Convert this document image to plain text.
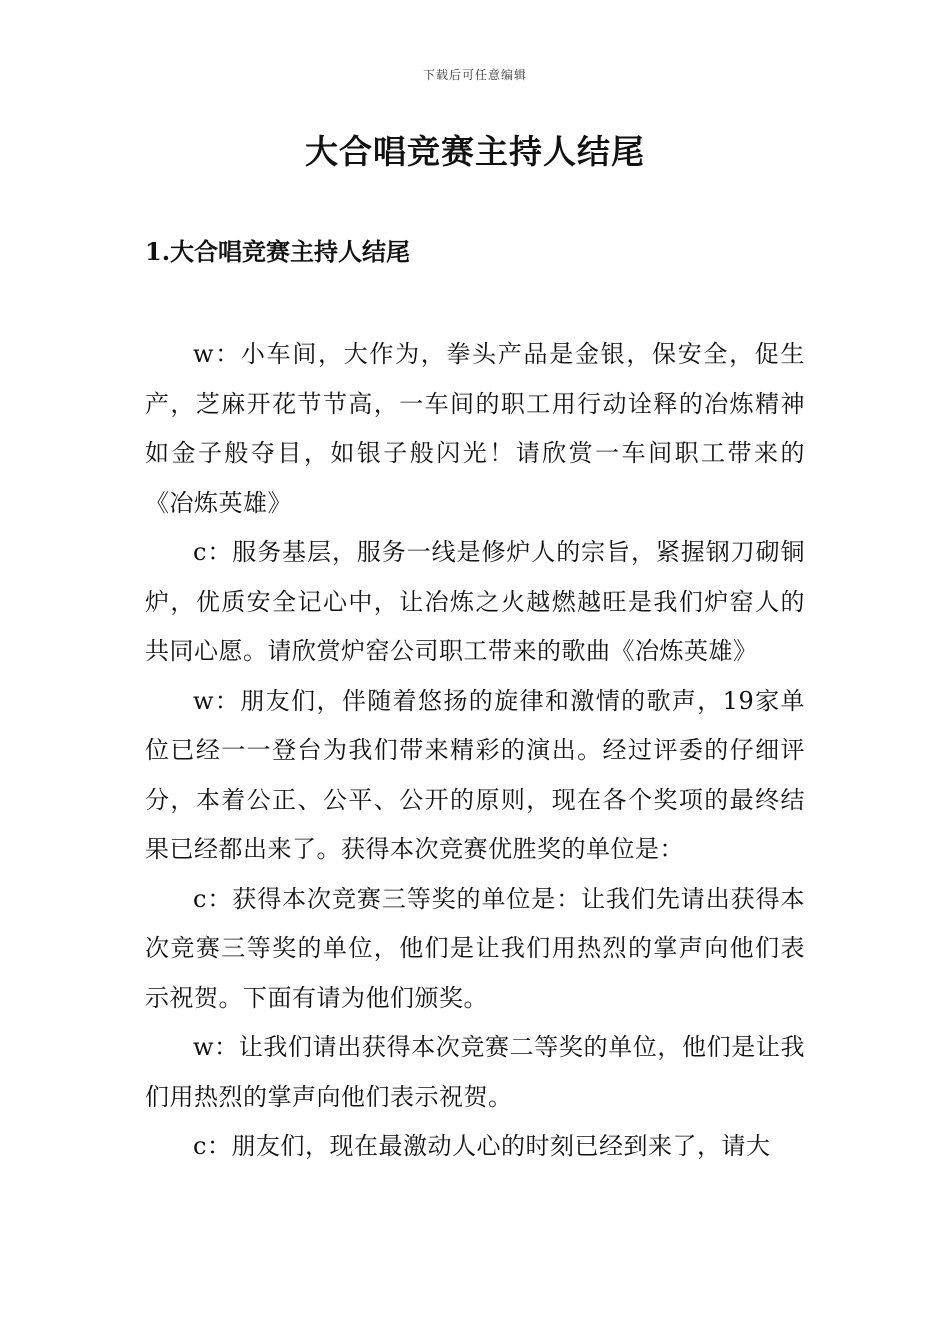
下载后可任意编辑
大合唱竞赛主持人结尾
1.大合唱竞赛主持人结尾

w：小车间，大作为，拳头产品是金银，保安全，促生产，芝麻开花节节高，一车间的职工用行动诠释的冶炼精神如金子般夺目，如银子般闪光！请欣赏一车间职工带来的《冶炼英雄》

c：服务基层，服务一线是修炉人的宗旨，紧握钢刀砌铜炉，优质安全记心中，让冶炼之火越燃越旺是我们炉窑人的共同心愿。请欣赏炉窑公司职工带来的歌曲《冶炼英雄》

w：朋友们，伴随着悠扬的旋律和激情的歌声，19家单位已经一一登台为我们带来精彩的演出。经过评委的仔细评分，本着公正、公平、公开的原则，现在各个奖项的最终结果已经都出来了。获得本次竞赛优胜奖的单位是：

c：获得本次竞赛三等奖的单位是：让我们先请出获得本次竞赛三等奖的单位，他们是让我们用热烈的掌声向他们表示祝贺。下面有请为他们颁奖。

w：让我们请出获得本次竞赛二等奖的单位，他们是让我们用热烈的掌声向他们表示祝贺。

c：朋友们，现在最激动人心的时刻已经到来了，请大
